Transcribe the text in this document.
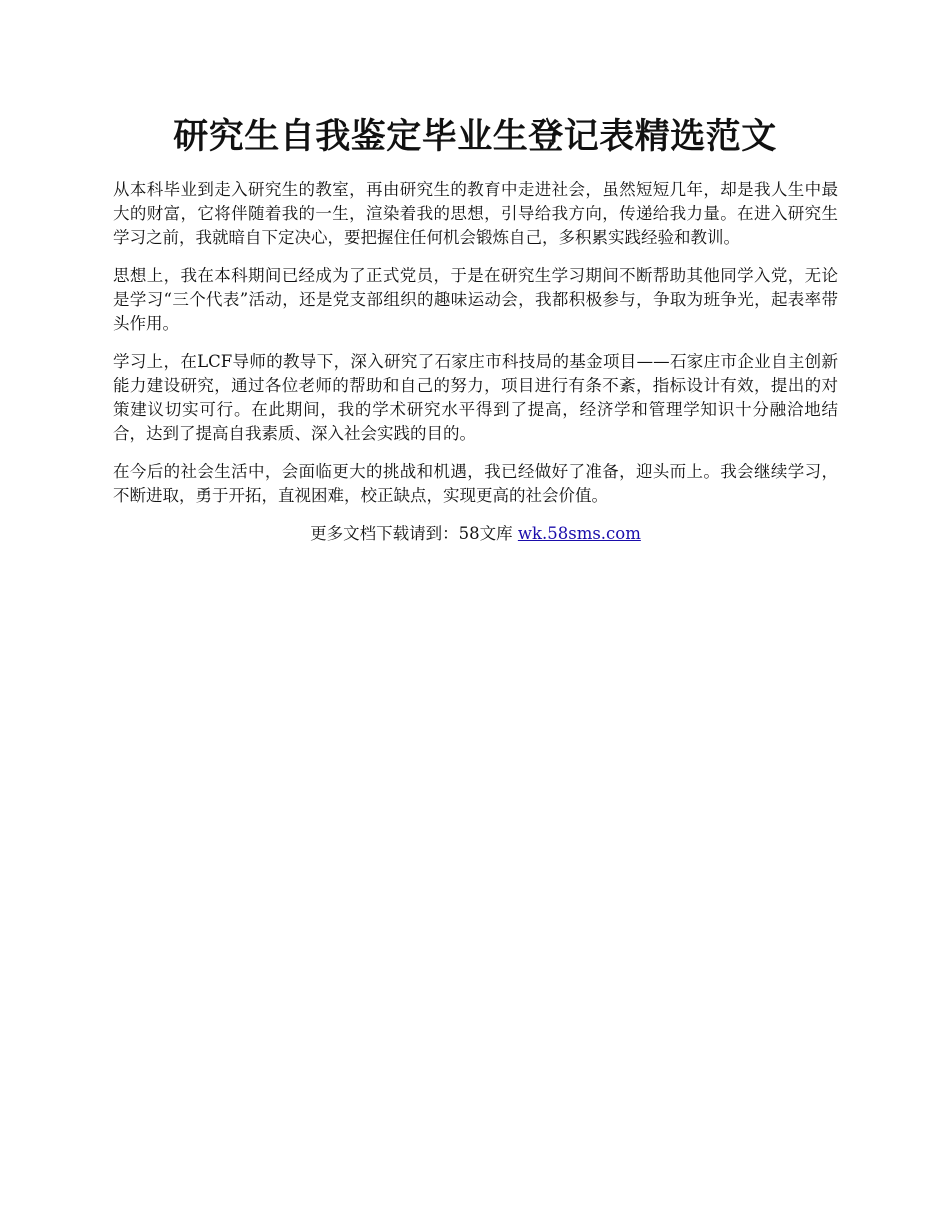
研究生自我鉴定毕业生登记表精选范文

从本科毕业到走入研究生的教室，再由研究生的教育中走进社会，虽然短短几年，却是我人生中最大的财富，它将伴随着我的一生，渲染着我的思想，引导给我方向，传递给我力量。在进入研究生学习之前，我就暗自下定决心，要把握住任何机会锻炼自己，多积累实践经验和教训。

思想上，我在本科期间已经成为了正式党员，于是在研究生学习期间不断帮助其他同学入党，无论是学习“三个代表”活动，还是党支部组织的趣味运动会，我都积极参与，争取为班争光，起表率带头作用。

学习上，在LCF导师的教导下，深入研究了石家庄市科技局的基金项目——石家庄市企业自主创新能力建设研究，通过各位老师的帮助和自己的努力，项目进行有条不紊，指标设计有效，提出的对策建议切实可行。在此期间，我的学术研究水平得到了提高，经济学和管理学知识十分融洽地结合，达到了提高自我素质、深入社会实践的目的。

在今后的社会生活中，会面临更大的挑战和机遇，我已经做好了准备，迎头而上。我会继续学习，不断进取，勇于开拓，直视困难，校正缺点，实现更高的社会价值。

更多文档下载请到：58文库 wk.58sms.com
